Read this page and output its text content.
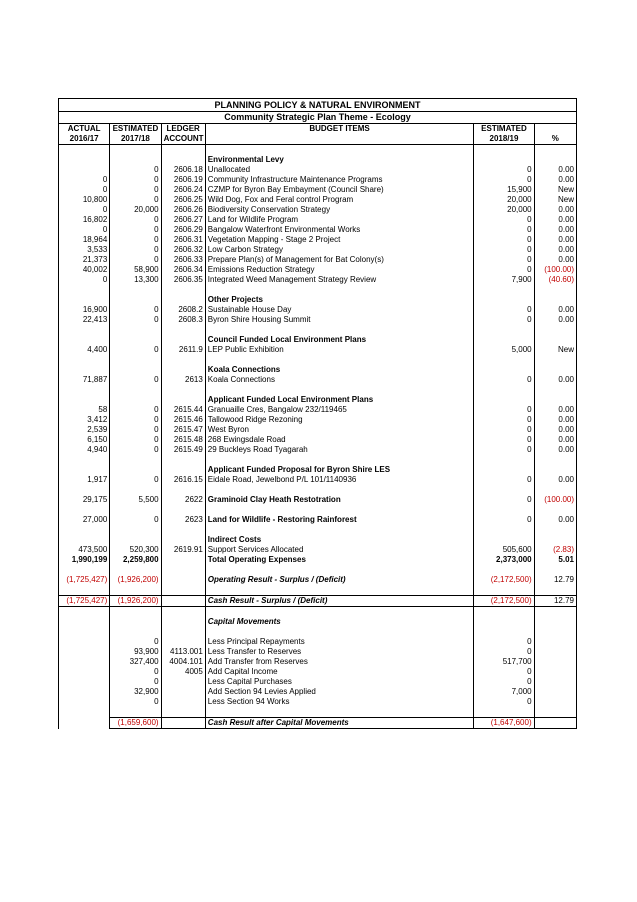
PLANNING POLICY & NATURAL ENVIRONMENT					
Community Strategic Plan Theme - Ecology					
ACTUAL	ESTIMATED	LEDGER	BUDGET ITEMS	ESTIMATED	
2016/17	2017/18	ACCOUNT		2018/19	%

			Environmental Levy		
	0	2606.18	Unallocated	0	0.00
0	0	2606.19	Community Infrastructure Maintenance Programs	0	0.00
0	0	2606.24	CZMP for Byron Bay Embayment (Council Share)	15,900	New
10,800	0	2606.25	Wild Dog, Fox and Feral control Program	20,000	New
0	20,000	2606.26	Biodiversity Conservation Strategy	20,000	0.00
16,802	0	2606.27	Land for Wildlife Program	0	0.00
0	0	2606.29	Bangalow Waterfront Environmental Works	0	0.00
18,964	0	2606.31	Vegetation Mapping - Stage 2 Project	0	0.00
3,533	0	2606.32	Low Carbon Strategy	0	0.00
21,373	0	2606.33	Prepare Plan(s) of Management for Bat Colony(s)	0	0.00
40,002	58,900	2606.34	Emissions Reduction Strategy	0	(100.00)
0	13,300	2606.35	Integrated Weed Management Strategy Review	7,900	(40.60)

			Other Projects		
16,900	0	2608.2	Sustainable House Day	0	0.00
22,413	0	2608.3	Byron Shire Housing Summit	0	0.00

			Council Funded Local Environment Plans		
4,400	0	2611.9	LEP Public Exhibition	5,000	New

			Koala Connections		
71,887	0	2613	Koala Connections	0	0.00

			Applicant Funded Local Environment Plans		
58	0	2615.44	Granuaille Cres, Bangalow 232/119465	0	0.00
3,412	0	2615.46	Tallowood Ridge Rezoning	0	0.00
2,539	0	2615.47	West Byron	0	0.00
6,150	0	2615.48	268 Ewingsdale Road	0	0.00
4,940	0	2615.49	29 Buckleys Road Tyagarah	0	0.00

			Applicant Funded Proposal for Byron Shire LES		
1,917	0	2616.15	Eidale Road, Jewelbond P/L 101/1140936	0	0.00

29,175	5,500	2622	Graminoid Clay Heath Restotration	0	(100.00)

27,000	0	2623	Land for Wildlife - Restoring Rainforest	0	0.00

			Indirect Costs		
473,500	520,300	2619.91	Support Services Allocated	505,600	(2.83)
1,990,199	2,259,800		Total Operating Expenses	2,373,000	5.01

(1,725,427)	(1,926,200)		Operating Result - Surplus / (Deficit)	(2,172,500)	12.79

(1,725,427)	(1,926,200)		Cash Result - Surplus / (Deficit)	(2,172,500)	12.79

			Capital Movements		

	0		Less Principal Repayments	0	
	93,900	4113.001	Less Transfer to Reserves	0	
	327,400	4004.101	Add Transfer from Reserves	517,700	
	0	4005	Add Capital Income	0	
	0		Less Capital Purchases	0	
	32,900		Add Section 94 Levies Applied	7,000	
	0		Less Section 94 Works	0	

	(1,659,600)		Cash Result after Capital Movements	(1,647,600)	
